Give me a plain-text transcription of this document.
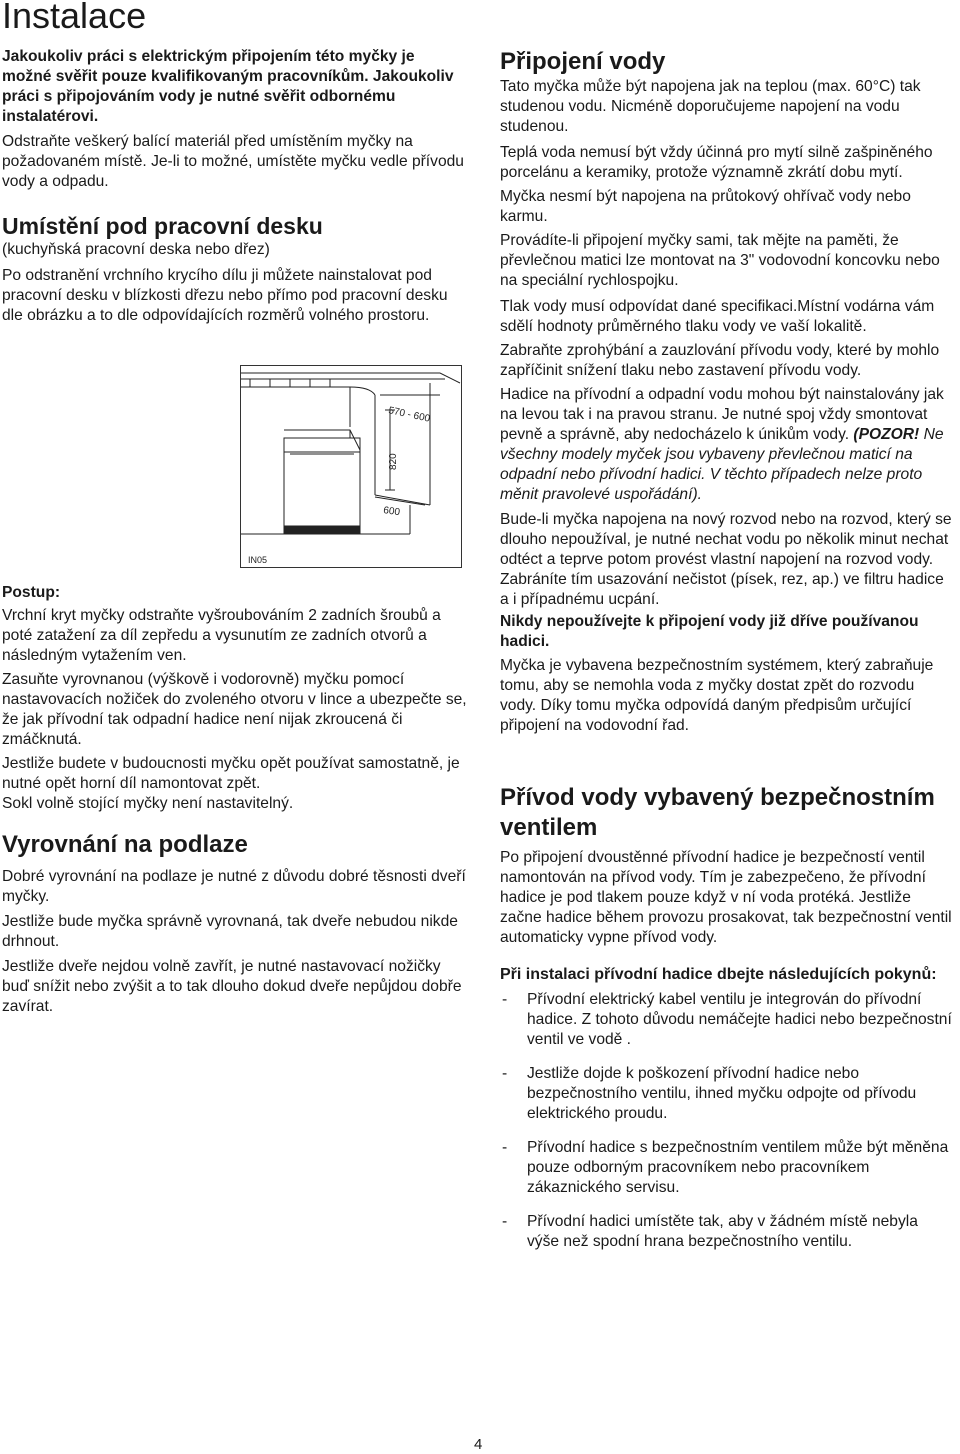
Instalace

Jakoukoliv práci s elektrickým připojením této myčky je možné svěřit pouze kvalifikovaným pracovníkům. Jakoukoliv práci s připojováním vody je nutné svěřit odbornému instalatérovi.

Odstraňte veškerý balící materiál před umístěním myčky na požadovaném místě. Je-li to možné, umístěte myčku vedle přívodu vody a odpadu.

Umístění pod pracovní desku

(kuchyňská pracovní deska nebo dřez)

Po odstranění vrchního krycího dílu ji můžete nainstalovat pod pracovní desku v blízkosti dřezu nebo přímo pod pracovní desku dle obrázku a to dle odpovídajících rozměrů volného prostoru.

Postup:

Vrchní kryt myčky odstraňte vyšroubováním 2 zadních šroubů a poté zatažení za díl zepředu a vysunutím ze zadních otvorů a následným vytažením ven.

Zasuňte vyrovnanou (výškově i vodorovně) myčku pomocí nastavovacích nožiček do zvoleného otvoru v lince a ubezpečte se, že jak přívodní tak odpadní hadice není nijak zkroucená či zmáčknutá.

Jestliže budete v budoucnosti myčku opět používat samostatně, je nutné opět horní díl namontovat zpět.

Sokl volně stojící myčky není nastavitelný.

Vyrovnání na podlaze

Dobré vyrovnání na podlaze je nutné z důvodu dobré těsnosti dveří myčky.

Jestliže bude myčka správně vyrovnaná, tak dveře nebudou nikde drhnout.

Jestliže dveře nejdou volně zavřít, je nutné nastavovací nožičky buď snížit nebo zvýšit a to tak dlouho dokud dveře nepůjdou dobře zavírat.

570 - 600
820
600
IN05
Připojení vody

Tato myčka může být napojena jak na teplou (max. 60°C) tak studenou vodu. Nicméně doporučujeme napojení na vodu studenou.

Teplá voda nemusí být vždy účinná pro mytí silně zašpiněného porcelánu a keramiky, protože významně zkrátí dobu mytí.

Myčka nesmí být napojena na průtokový ohřívač vody nebo karmu.

Provádíte-li připojení myčky sami, tak mějte na paměti, že převlečnou matici lze montovat na 3" vodovodní koncovku nebo na speciální rychlospojku.

Tlak vody musí odpovídat dané specifikaci.Místní vodárna vám sdělí hodnoty průměrného tlaku vody ve vaší lokalitě.

Zabraňte zprohýbání a zauzlování přívodu vody, které by mohlo zapříčinit snížení tlaku nebo zastavení přívodu vody.

Hadice na přívodní a odpadní vodu mohou být nainstalovány jak na levou tak i na pravou stranu. Je nutné spoj vždy smontovat pevně a správně, aby nedocházelo k únikům vody. (POZOR! Ne všechny modely myček jsou vybaveny převlečnou maticí na odpadní nebo přívodní hadici. V těchto případech nelze proto měnit pravolevé uspořádání).

Bude-li myčka napojena na nový rozvod nebo na rozvod, který se dlouho nepoužíval, je nutné nechat vodu po několik minut nechat odtéct a teprve potom provést vlastní napojení na rozvod vody. Zabráníte tím usazování nečistot (písek, rez, ap.) ve filtru hadice a i případnému ucpání.

Nikdy nepoužívejte k připojení vody již dříve používanou hadici.

Myčka je vybavena bezpečnostním systémem, který zabraňuje tomu, aby se nemohla voda z myčky dostat zpět do rozvodu vody. Díky tomu myčka odpovídá daným předpisům určující připojení na vodovodní řad.

Přívod vody vybavený bezpečnostním ventilem

Po připojení dvoustěnné přívodní hadice je bezpečností ventil namontován na přívod vody. Tím je zabezpečeno, že přívodní hadice je pod tlakem pouze když v ní voda protéká. Jestliže začne hadice během provozu prosakovat, tak bezpečnostní ventil automaticky vypne přívod vody.

Při instalaci přívodní hadice dbejte následujících pokynů:
- Přívodní elektrický kabel ventilu je integrován do přívodní hadice. Z tohoto důvodu nemáčejte hadici nebo bezpečnostní ventil ve vodě .
- Jestliže dojde k poškození přívodní hadice nebo bezpečnostního ventilu, ihned myčku odpojte od přívodu elektrického proudu.
- Přívodní hadice s bezpečnostním ventilem může být měněna pouze odborným pracovníkem nebo pracovníkem zákaznického servisu.
- Přívodní hadici umístěte tak, aby v žádném místě nebyla výše než spodní hrana bezpečnostního ventilu.
4
